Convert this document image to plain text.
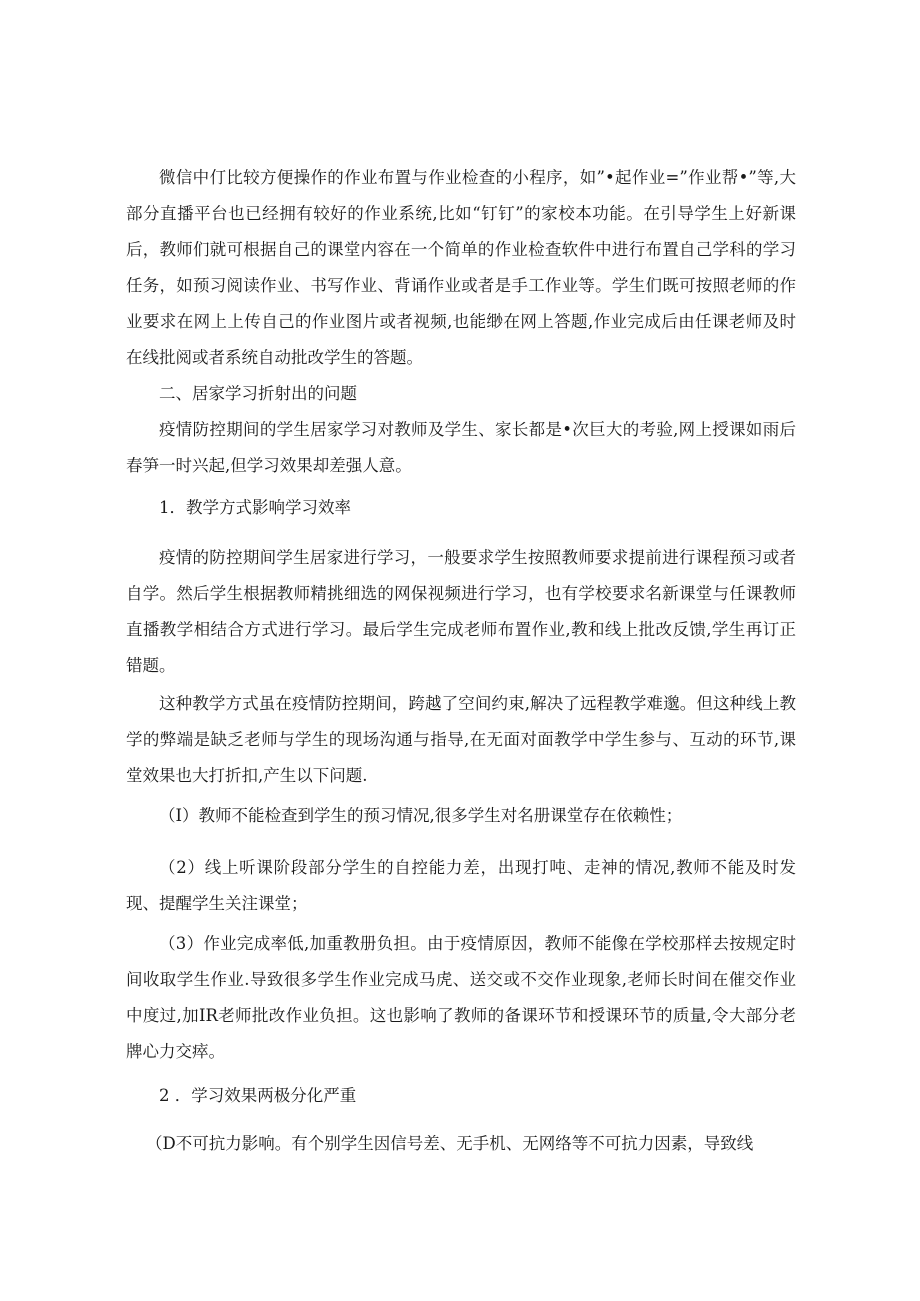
微信中仃比较方便操作的作业布置与作业检查的小程序，如”•起作业=”作业帮•”等,大部分直播平台也已经拥有较好的作业系统,比如“钉钉”的家校本功能。在引导学生上好新课后，教师们就可根据自己的课堂内容在一个简单的作业检查软件中进行布置自己学科的学习任务，如预习阅读作业、书写作业、背诵作业或者是手工作业等。学生们既可按照老师的作业要求在网上上传自己的作业图片或者视频,也能缈在网上答题,作业完成后由任课老师及时在线批阅或者系统自动批改学生的答题。

二、居家学习折射出的问题

疫情防控期间的学生居家学习对教师及学生、家长都是•次巨大的考验,网上授课如雨后春笋一时兴起,但学习效果却差强人意。

1．教学方式影响学习效率

疫情的防控期间学生居家进行学习，一般要求学生按照教师要求提前进行课程预习或者自学。然后学生根据教师精挑细选的网保视频进行学习，也有学校要求名新课堂与任课教师直播教学相结合方式进行学习。最后学生完成老师布置作业,教和线上批改反馈,学生再订正错题。

这种教学方式虽在疫情防控期间，跨越了空间约束,解决了远程教学难邈。但这种线上教学的弊端是缺乏老师与学生的现场沟通与指导,在无面对面教学中学生参与、互动的环节,课堂效果也大打折扣,产生以下问题.

（I）教师不能检查到学生的预习情况,很多学生对名册课堂存在依赖性；

（2）线上听课阶段部分学生的自控能力差，出现打吨、走神的情况,教师不能及时发现、提醒学生关注课堂；

（3）作业完成率低,加重教册负担。由于疫情原因，教师不能像在学校那样去按规定时间收取学生作业.导致很多学生作业完成马虎、送交或不交作业现象,老师长时间在催交作业中度过,加IR老师批改作业负担。这也影响了教师的备课环节和授课环节的质量,令大部分老牌心力交瘁。

2 ．学习效果两极分化严重

（D不可抗力影响。有个别学生因信号差、无手机、无网络等不可抗力因素，导致线
